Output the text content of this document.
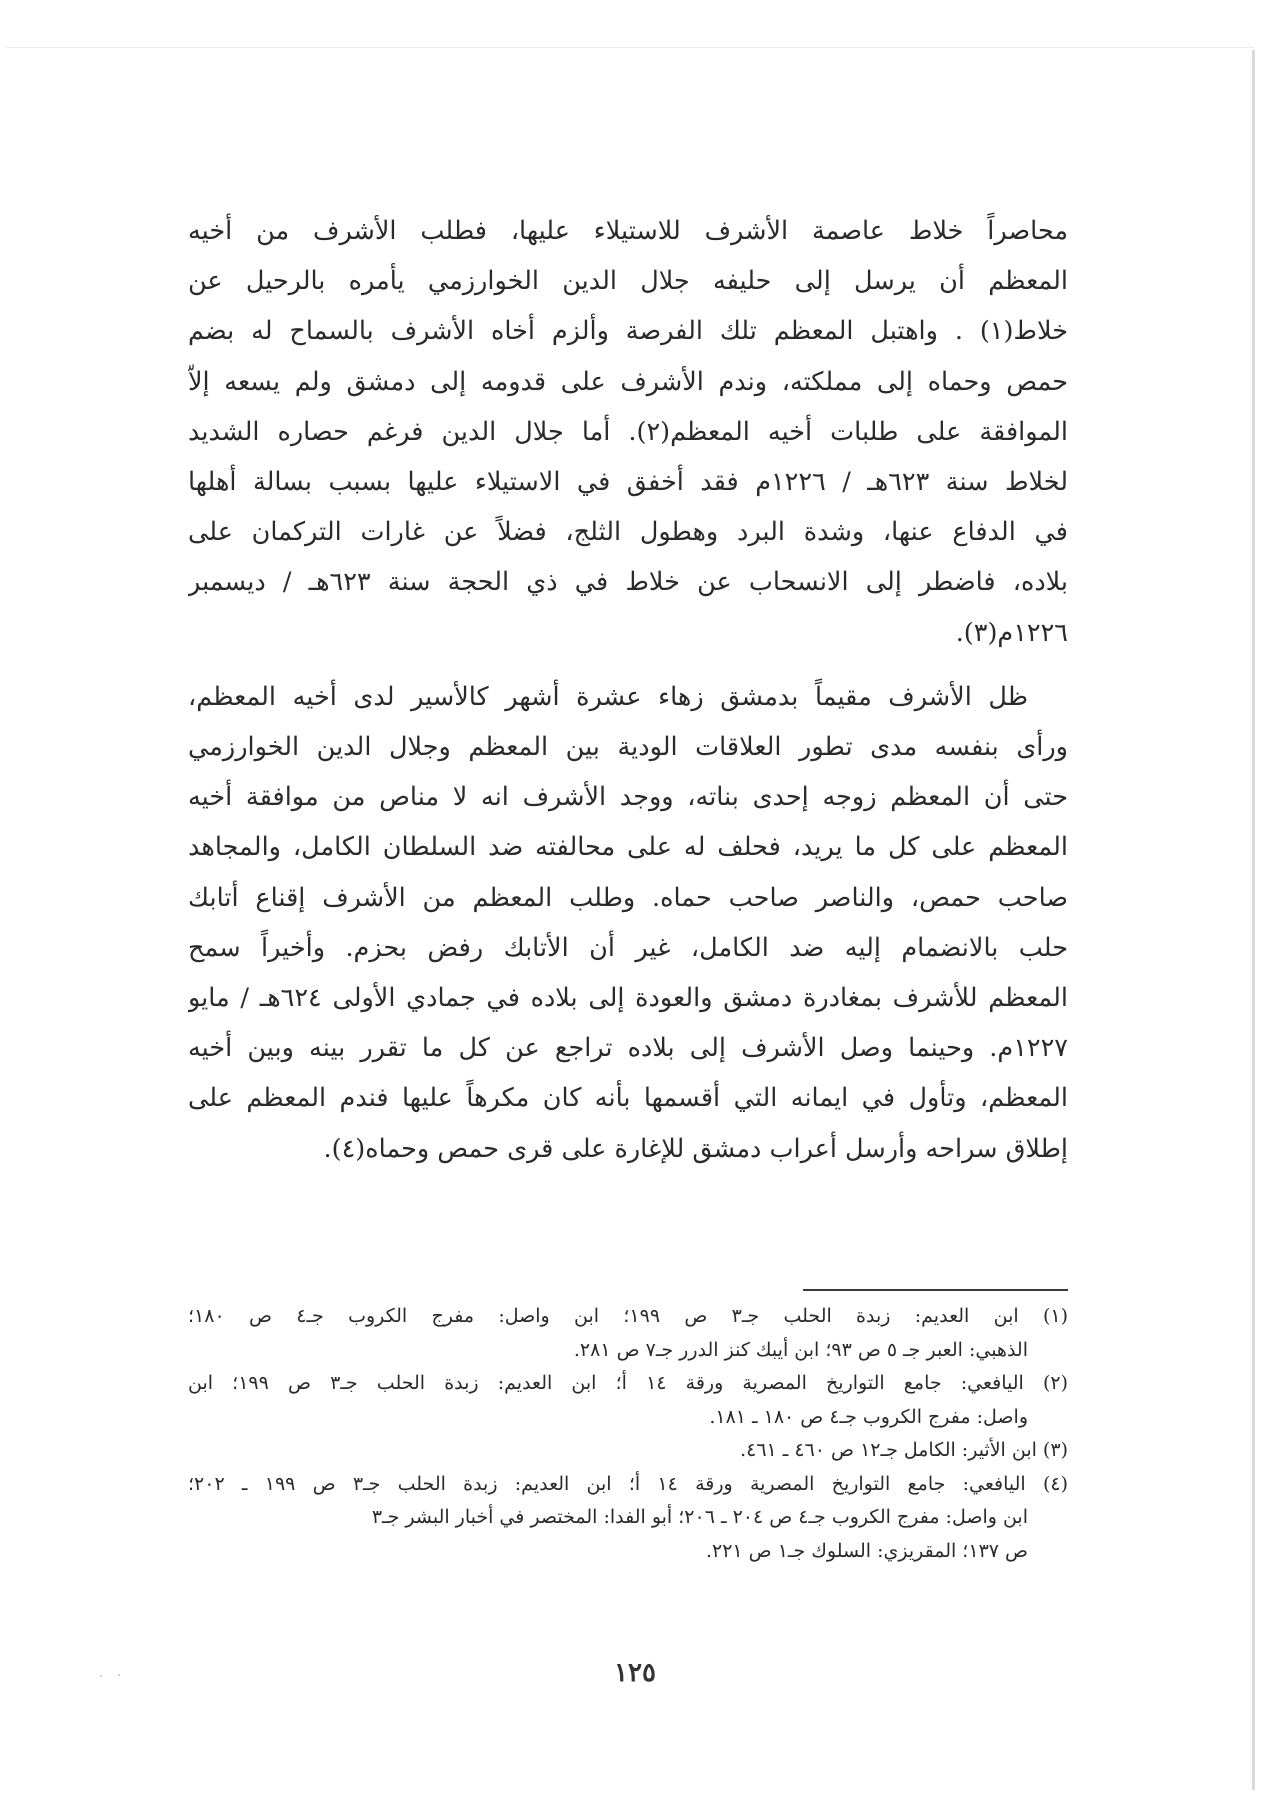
محاصراً خلاط عاصمة الأشرف للاستيلاء عليها، فطلب الأشرف من أخيه
المعظم أن يرسل إلى حليفه جلال الدين الخوارزمي يأمره بالرحيل عن
خلاط(١) . واهتبل المعظم تلك الفرصة وألزم أخاه الأشرف بالسماح له بضم
حمص وحماه إلى مملكته، وندم الأشرف على قدومه إلى دمشق ولم يسعه إلاّ
الموافقة على طلبات أخيه المعظم(٢). أما جلال الدين فرغم حصاره الشديد
لخلاط سنة ٦٢٣هـ / ١٢٢٦م فقد أخفق في الاستيلاء عليها بسبب بسالة أهلها
في الدفاع عنها، وشدة البرد وهطول الثلج، فضلاً عن غارات التركمان على
بلاده، فاضطر إلى الانسحاب عن خلاط في ذي الحجة سنة ٦٢٣هـ / ديسمبر
١٢٢٦م(٣).

ظل الأشرف مقيماً بدمشق زهاء عشرة أشهر كالأسير لدى أخيه المعظم،
ورأى بنفسه مدى تطور العلاقات الودية بين المعظم وجلال الدين الخوارزمي
حتى أن المعظم زوجه إحدى بناته، ووجد الأشرف انه لا مناص من موافقة أخيه
المعظم على كل ما يريد، فحلف له على محالفته ضد السلطان الكامل، والمجاهد
صاحب حمص، والناصر صاحب حماه. وطلب المعظم من الأشرف إقناع أتابك
حلب بالانضمام إليه ضد الكامل، غير أن الأتابك رفض بحزم. وأخيراً سمح
المعظم للأشرف بمغادرة دمشق والعودة إلى بلاده في جمادي الأولى ٦٢٤هـ / مايو
١٢٢٧م. وحينما وصل الأشرف إلى بلاده تراجع عن كل ما تقرر بينه وبين أخيه
المعظم، وتأول في ايمانه التي أقسمها بأنه كان مكرهاً عليها فندم المعظم على
إطلاق سراحه وأرسل أعراب دمشق للإغارة على قرى حمص وحماه(٤).

(١) ابن العديم: زبدة الحلب جـ٣ ص ١٩٩؛ ابن واصل: مفرج الكروب جـ٤ ص ١٨٠؛
الذهبي: العبر جـ ٥ ص ٩٣؛ ابن أيبك كنز الدرر جـ٧ ص ٢٨١.

(٢) اليافعي: جامع التواريخ المصرية ورقة ١٤ أ؛ ابن العديم: زبدة الحلب جـ٣ ص ١٩٩؛ ابن
واصل: مفرج الكروب جـ٤ ص ١٨٠ ـ ١٨١.

(٣) ابن الأثير: الكامل جـ١٢ ص ٤٦٠ ـ ٤٦١.

(٤) اليافعي: جامع التواريخ المصرية ورقة ١٤ أ؛ ابن العديم: زبدة الحلب جـ٣ ص ١٩٩ ـ ٢٠٢؛
ابن واصل: مفرج الكروب جـ٤ ص ٢٠٤ ـ ٢٠٦؛ أبو الفدا: المختصر في أخبار البشر جـ٣
ص ١٣٧؛ المقريزي: السلوك جـ١ ص ٢٢١.

١٢٥
